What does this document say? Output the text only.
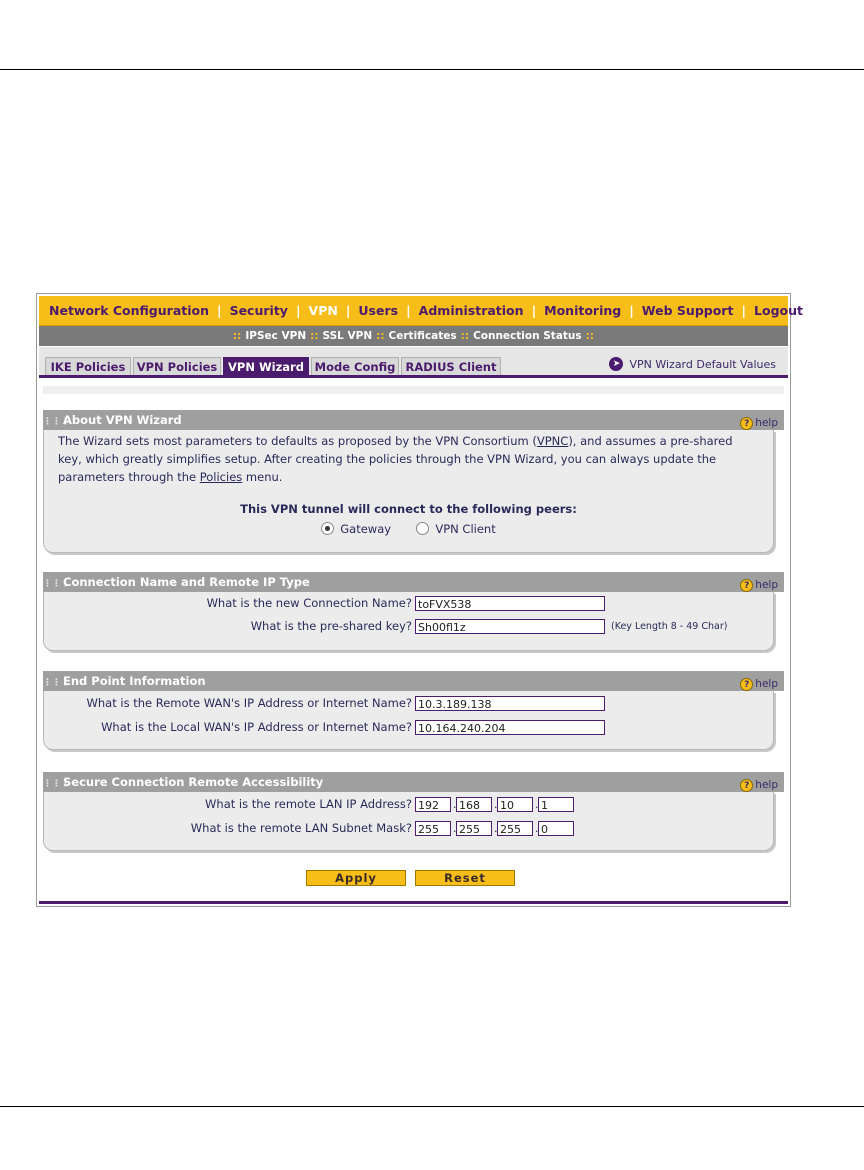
Network Configuration | Security | VPN | Users | Administration | Monitoring | Web Support | Logout |
:: IPSec VPN :: SSL VPN :: Certificates :: Connection Status ::
IKE Policies VPN Policies VPN Wizard Mode Config RADIUS Client	➤ VPN Wizard Default Values
⋮⋮⋮About VPN Wizard	? help
The Wizard sets most parameters to defaults as proposed by the VPN Consortium (VPNC), and assumes a pre-shared key, which greatly simplifies setup. After creating the policies through the VPN Wizard, you can always update the parameters through the Policies menu.
This VPN tunnel will connect to the following peers:
Gateway	VPN Client
⋮⋮⋮Connection Name and Remote IP Type	? help
What is the new Connection Name? toFVX538
What is the pre-shared key? Sh00fl1z	(Key Length 8 - 49 Char)
⋮⋮⋮End Point Information	? help
What is the Remote WAN's IP Address or Internet Name? 10.3.189.138
What is the Local WAN's IP Address or Internet Name? 10.164.240.204
⋮⋮⋮Secure Connection Remote Accessibility	? help
What is the remote LAN IP Address? 192	. 168	. 10	. 1
What is the remote LAN Subnet Mask? 255	. 255	. 255	. 0
Apply	Reset
